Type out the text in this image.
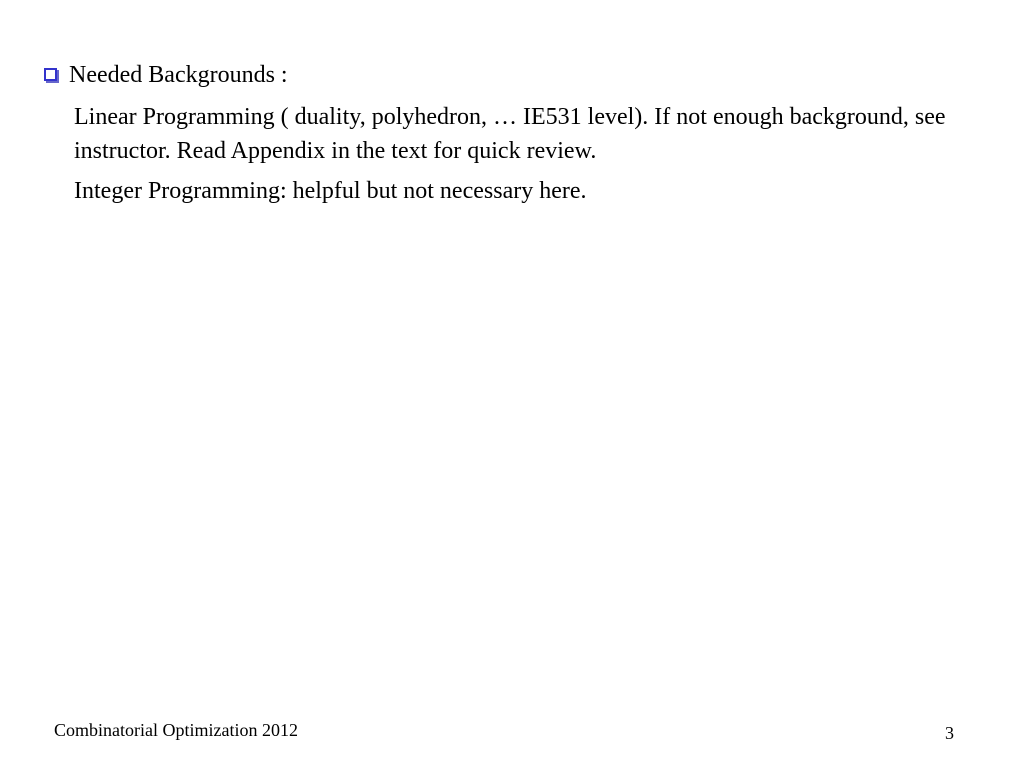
Needed Backgrounds :

Linear Programming ( duality, polyhedron, … IE531 level). If not enough background, see instructor. Read Appendix in the text for quick review.

Integer Programming: helpful but not necessary here.

Combinatorial Optimization 2012	3
